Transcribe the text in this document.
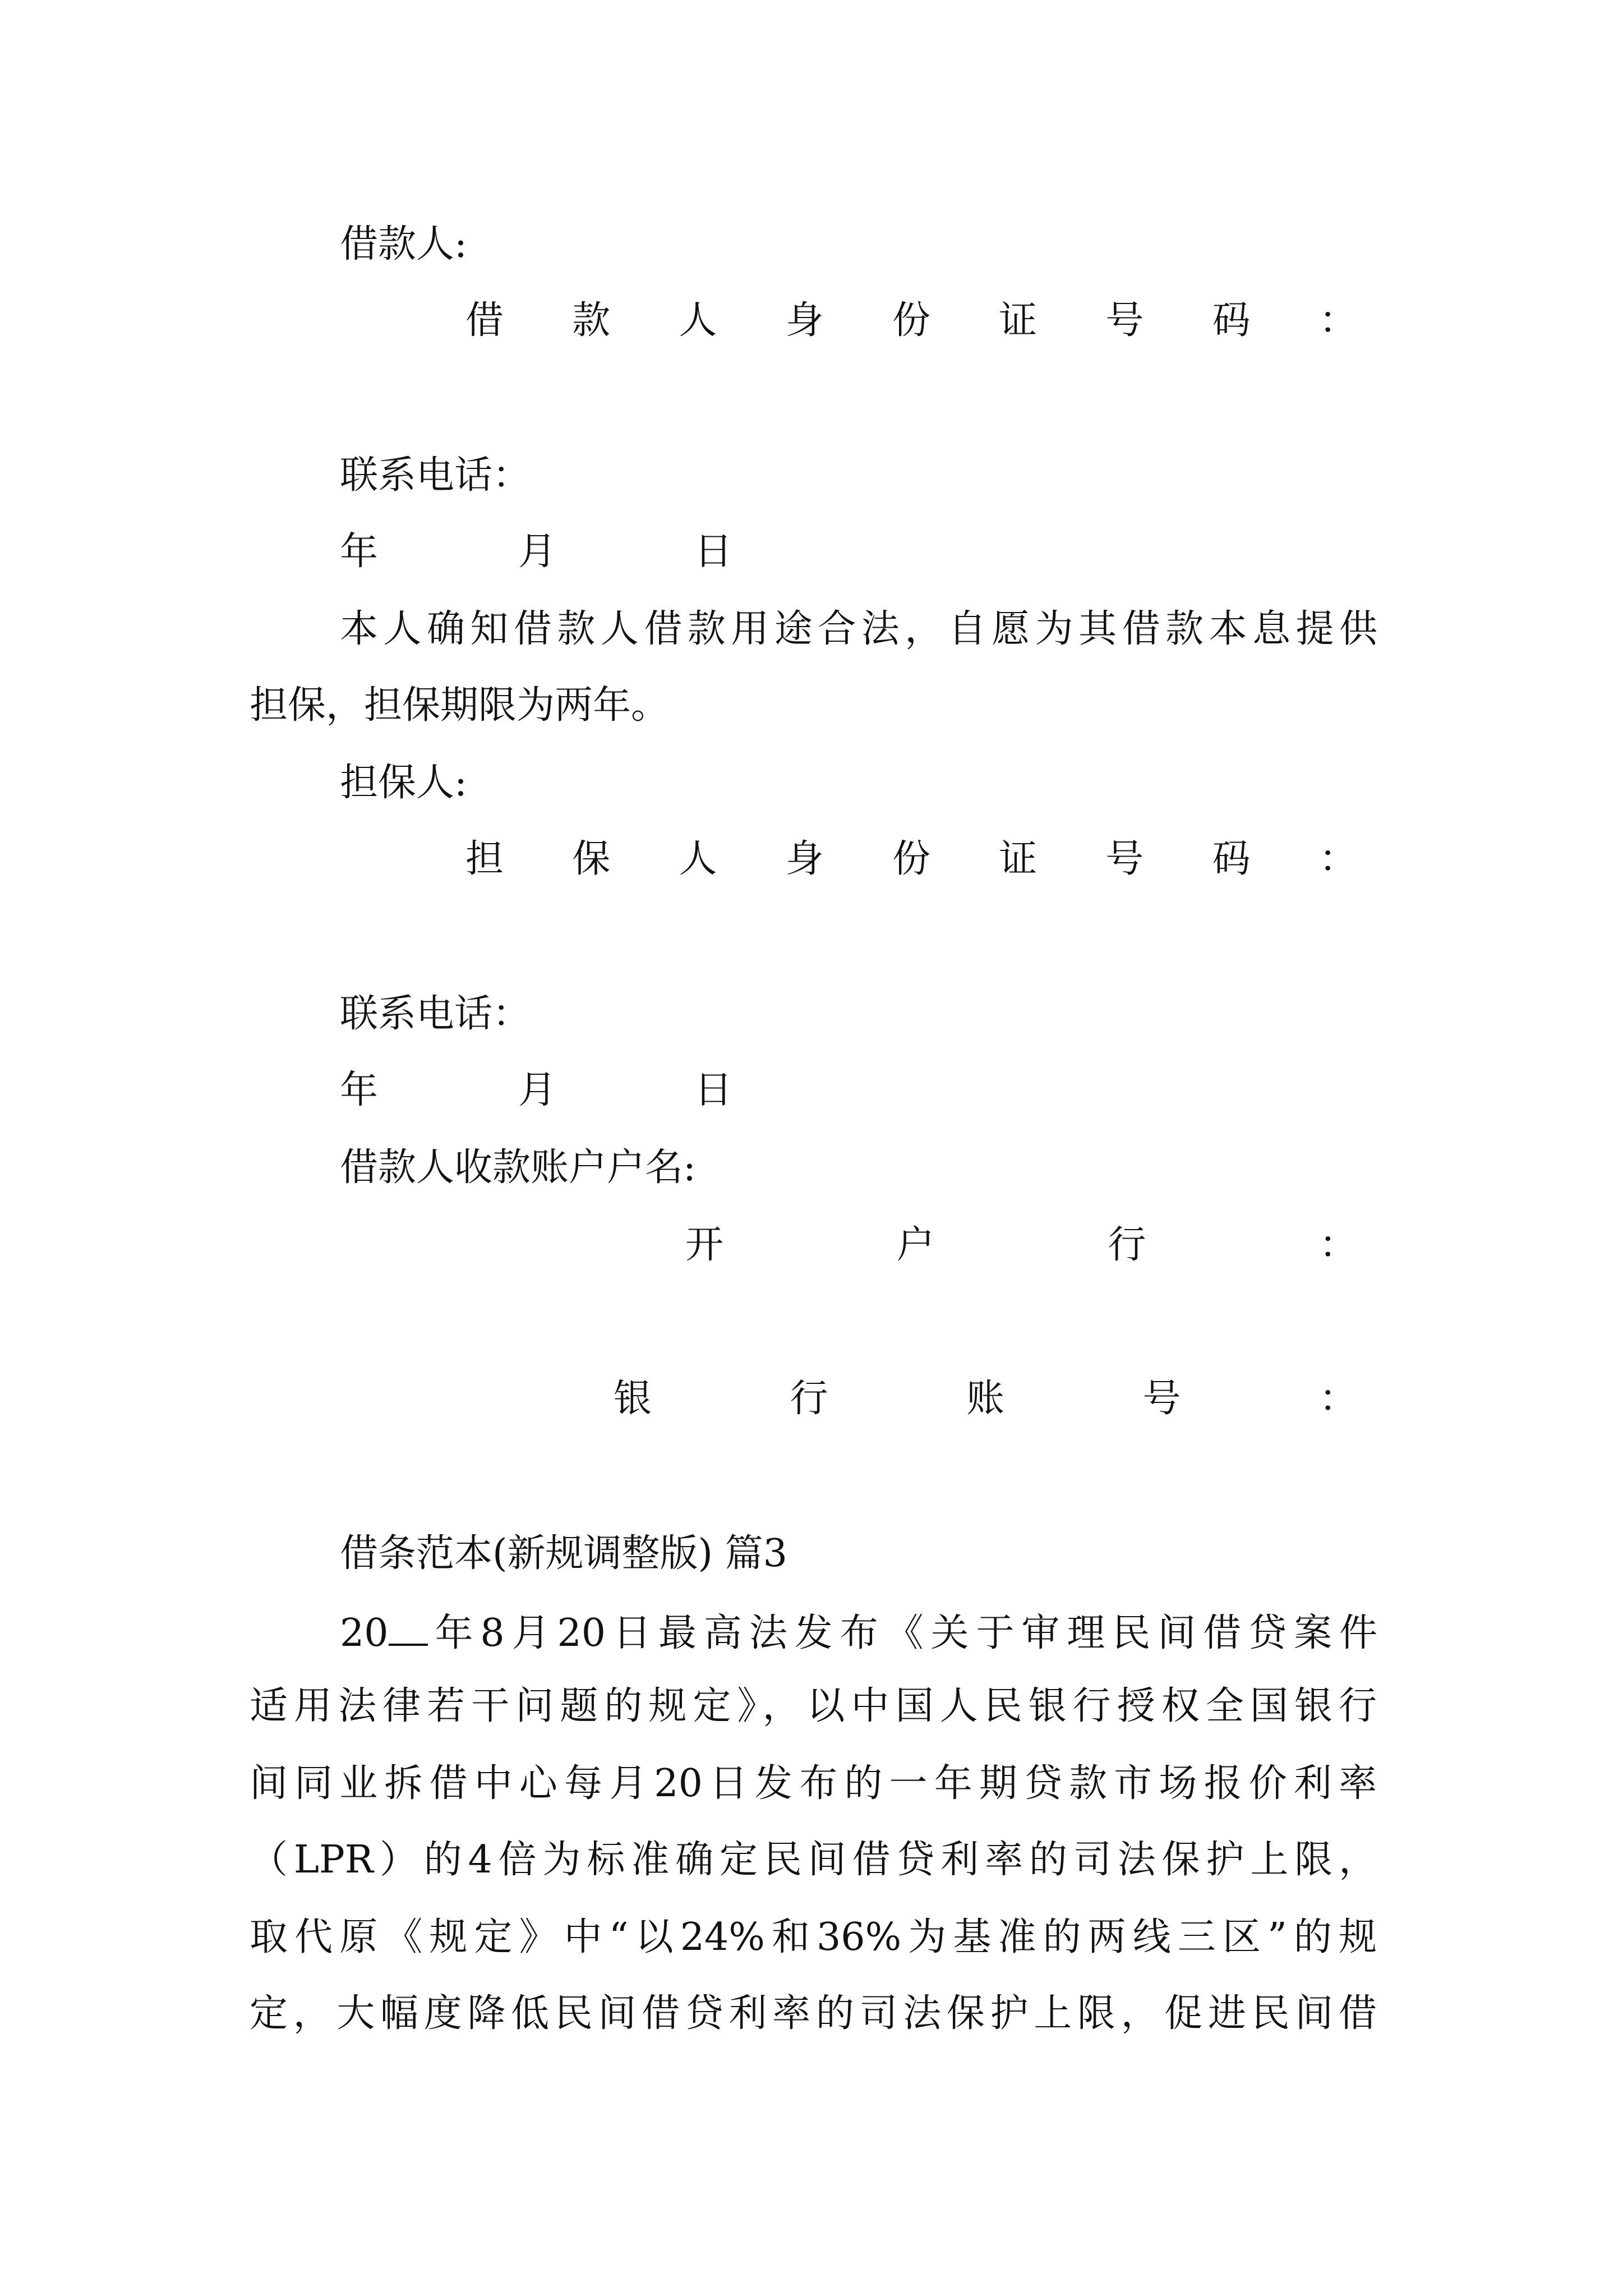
借款人:
借 款 人 身 份 证 号 码 ：
联系电话：
年	月	日
本人确知借款人借款用途合法，自愿为其借款本息提供
担保，担保期限为两年。
担保人:
担 保 人 身 份 证 号 码 ：
联系电话：
年	月	日
借款人收款账户户名:
开	户	行	：
银	行	账	号	：
借条范本(新规调整版) 篇3
20 年8月20日最高法发布《关于审理民间借贷案件
适用法律若干问题的规定》，以中国人民银行授权全国银行
间同业拆借中心每月20日发布的一年期贷款市场报价利率
（LPR）的4倍为标准确定民间借贷利率的司法保护上限，
取代原《规定》中“以24%和36%为基准的两线三区”的规
定，大幅度降低民间借贷利率的司法保护上限，促进民间借
